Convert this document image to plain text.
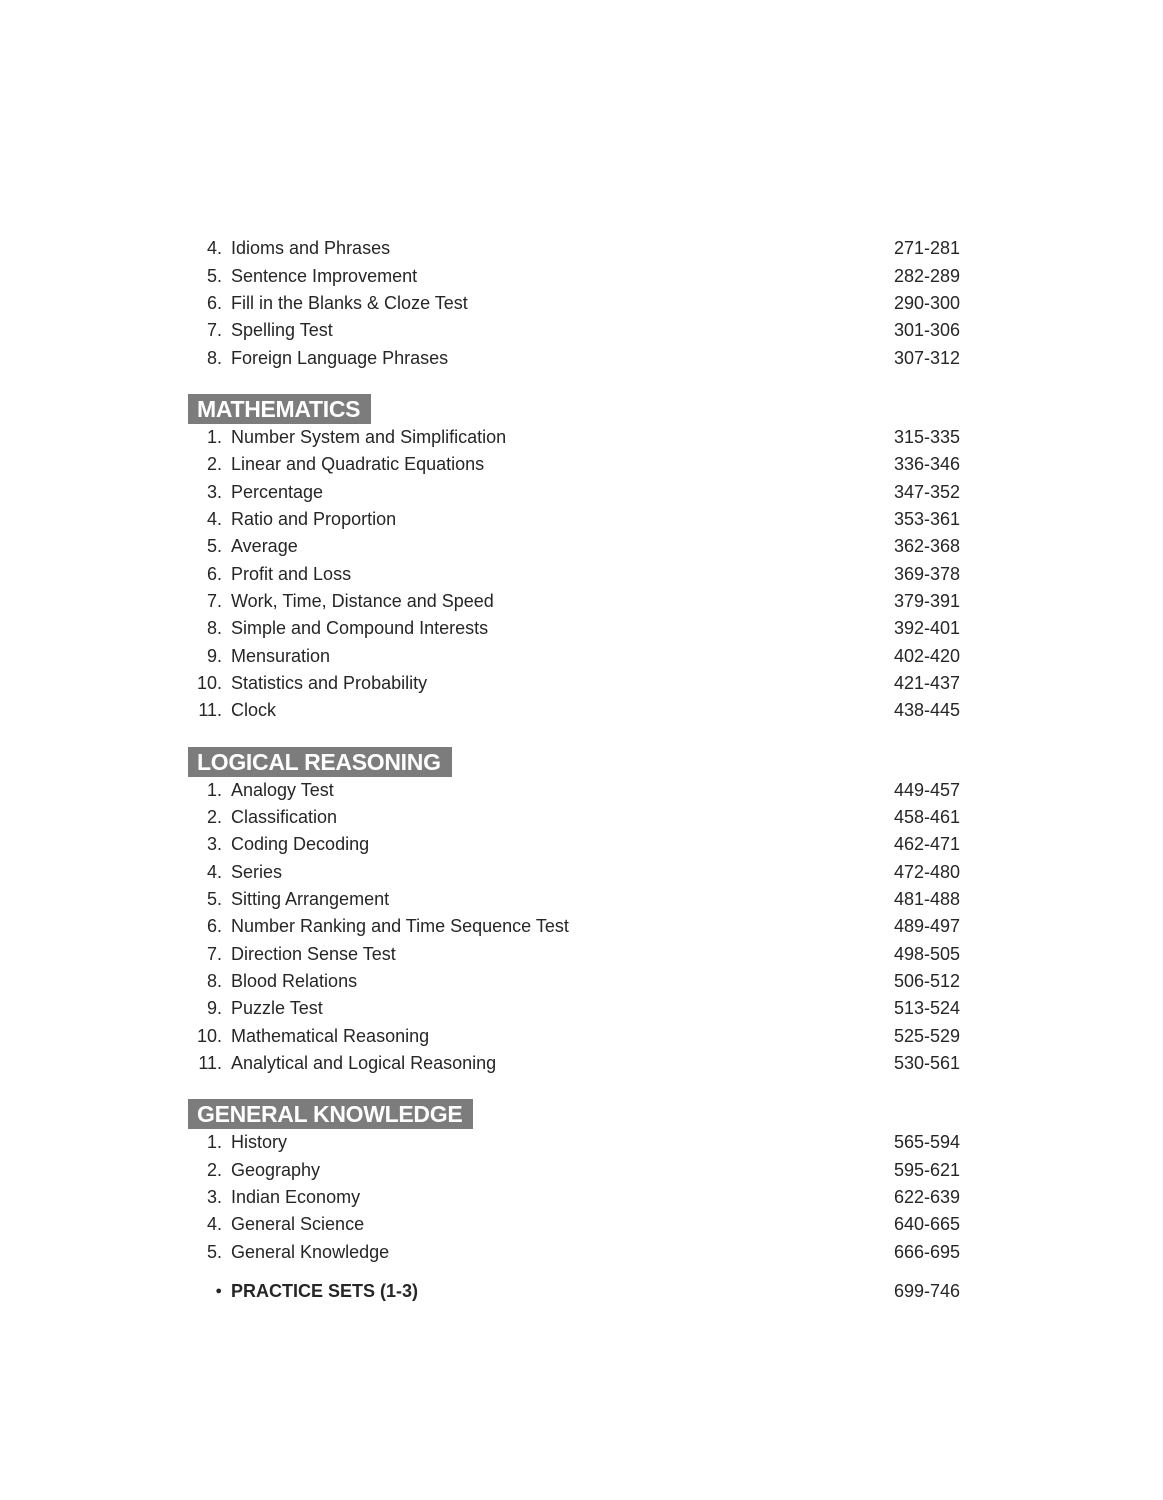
4. Idioms and Phrases	271-281
5. Sentence Improvement	282-289
6. Fill in the Blanks & Cloze Test	290-300
7. Spelling Test	301-306
8. Foreign Language Phrases	307-312
MATHEMATICS
1. Number System and Simplification	315-335
2. Linear and Quadratic Equations	336-346
3. Percentage	347-352
4. Ratio and Proportion	353-361
5. Average	362-368
6. Profit and Loss	369-378
7. Work, Time, Distance and Speed	379-391
8. Simple and Compound Interests	392-401
9. Mensuration	402-420
10. Statistics and Probability	421-437
11. Clock	438-445
LOGICAL REASONING
1. Analogy Test	449-457
2. Classification	458-461
3. Coding Decoding	462-471
4. Series	472-480
5. Sitting Arrangement	481-488
6. Number Ranking and Time Sequence Test	489-497
7. Direction Sense Test	498-505
8. Blood Relations	506-512
9. Puzzle Test	513-524
10. Mathematical Reasoning	525-529
11. Analytical and Logical Reasoning	530-561
GENERAL KNOWLEDGE
1. History	565-594
2. Geography	595-621
3. Indian Economy	622-639
4. General Science	640-665
5. General Knowledge	666-695
● PRACTICE SETS (1-3)	699-746
